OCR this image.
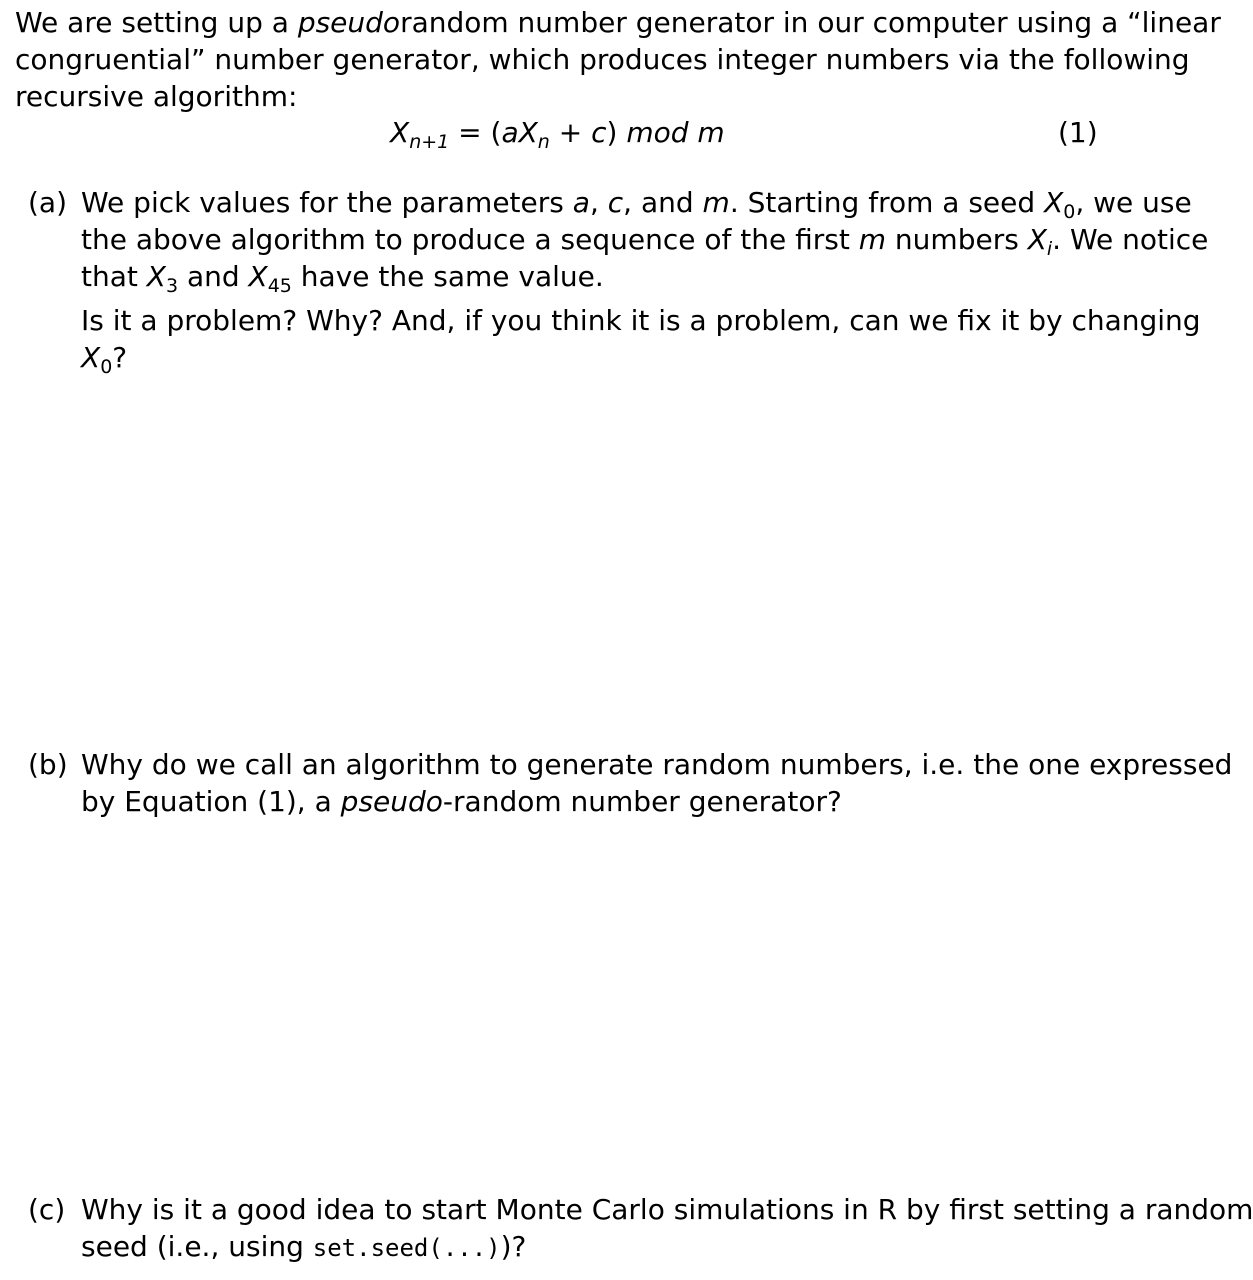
We are setting up a pseudorandom number generator in our computer using a “linear
congruential” number generator, which produces integer numbers via the following
recursive algorithm:
$X_{n+1} = (aX_n + c)$ mod m	(1)
(a) We pick values for the parameters a, c, and m. Starting from a seed $X_0$, we use
the above algorithm to produce a sequence of the first m numbers $X_i$. We notice
that $X_3$ and $X_{45}$ have the same value.
Is it a problem? Why? And, if you think it is a problem, can we fix it by changing
$X_0$?
(b) Why do we call an algorithm to generate random numbers, i.e. the one expressed
by Equation (1), a pseudo-random number generator?
(c) Why is it a good idea to start Monte Carlo simulations in R by first setting a random
seed (i.e., using set.seed(...))?
